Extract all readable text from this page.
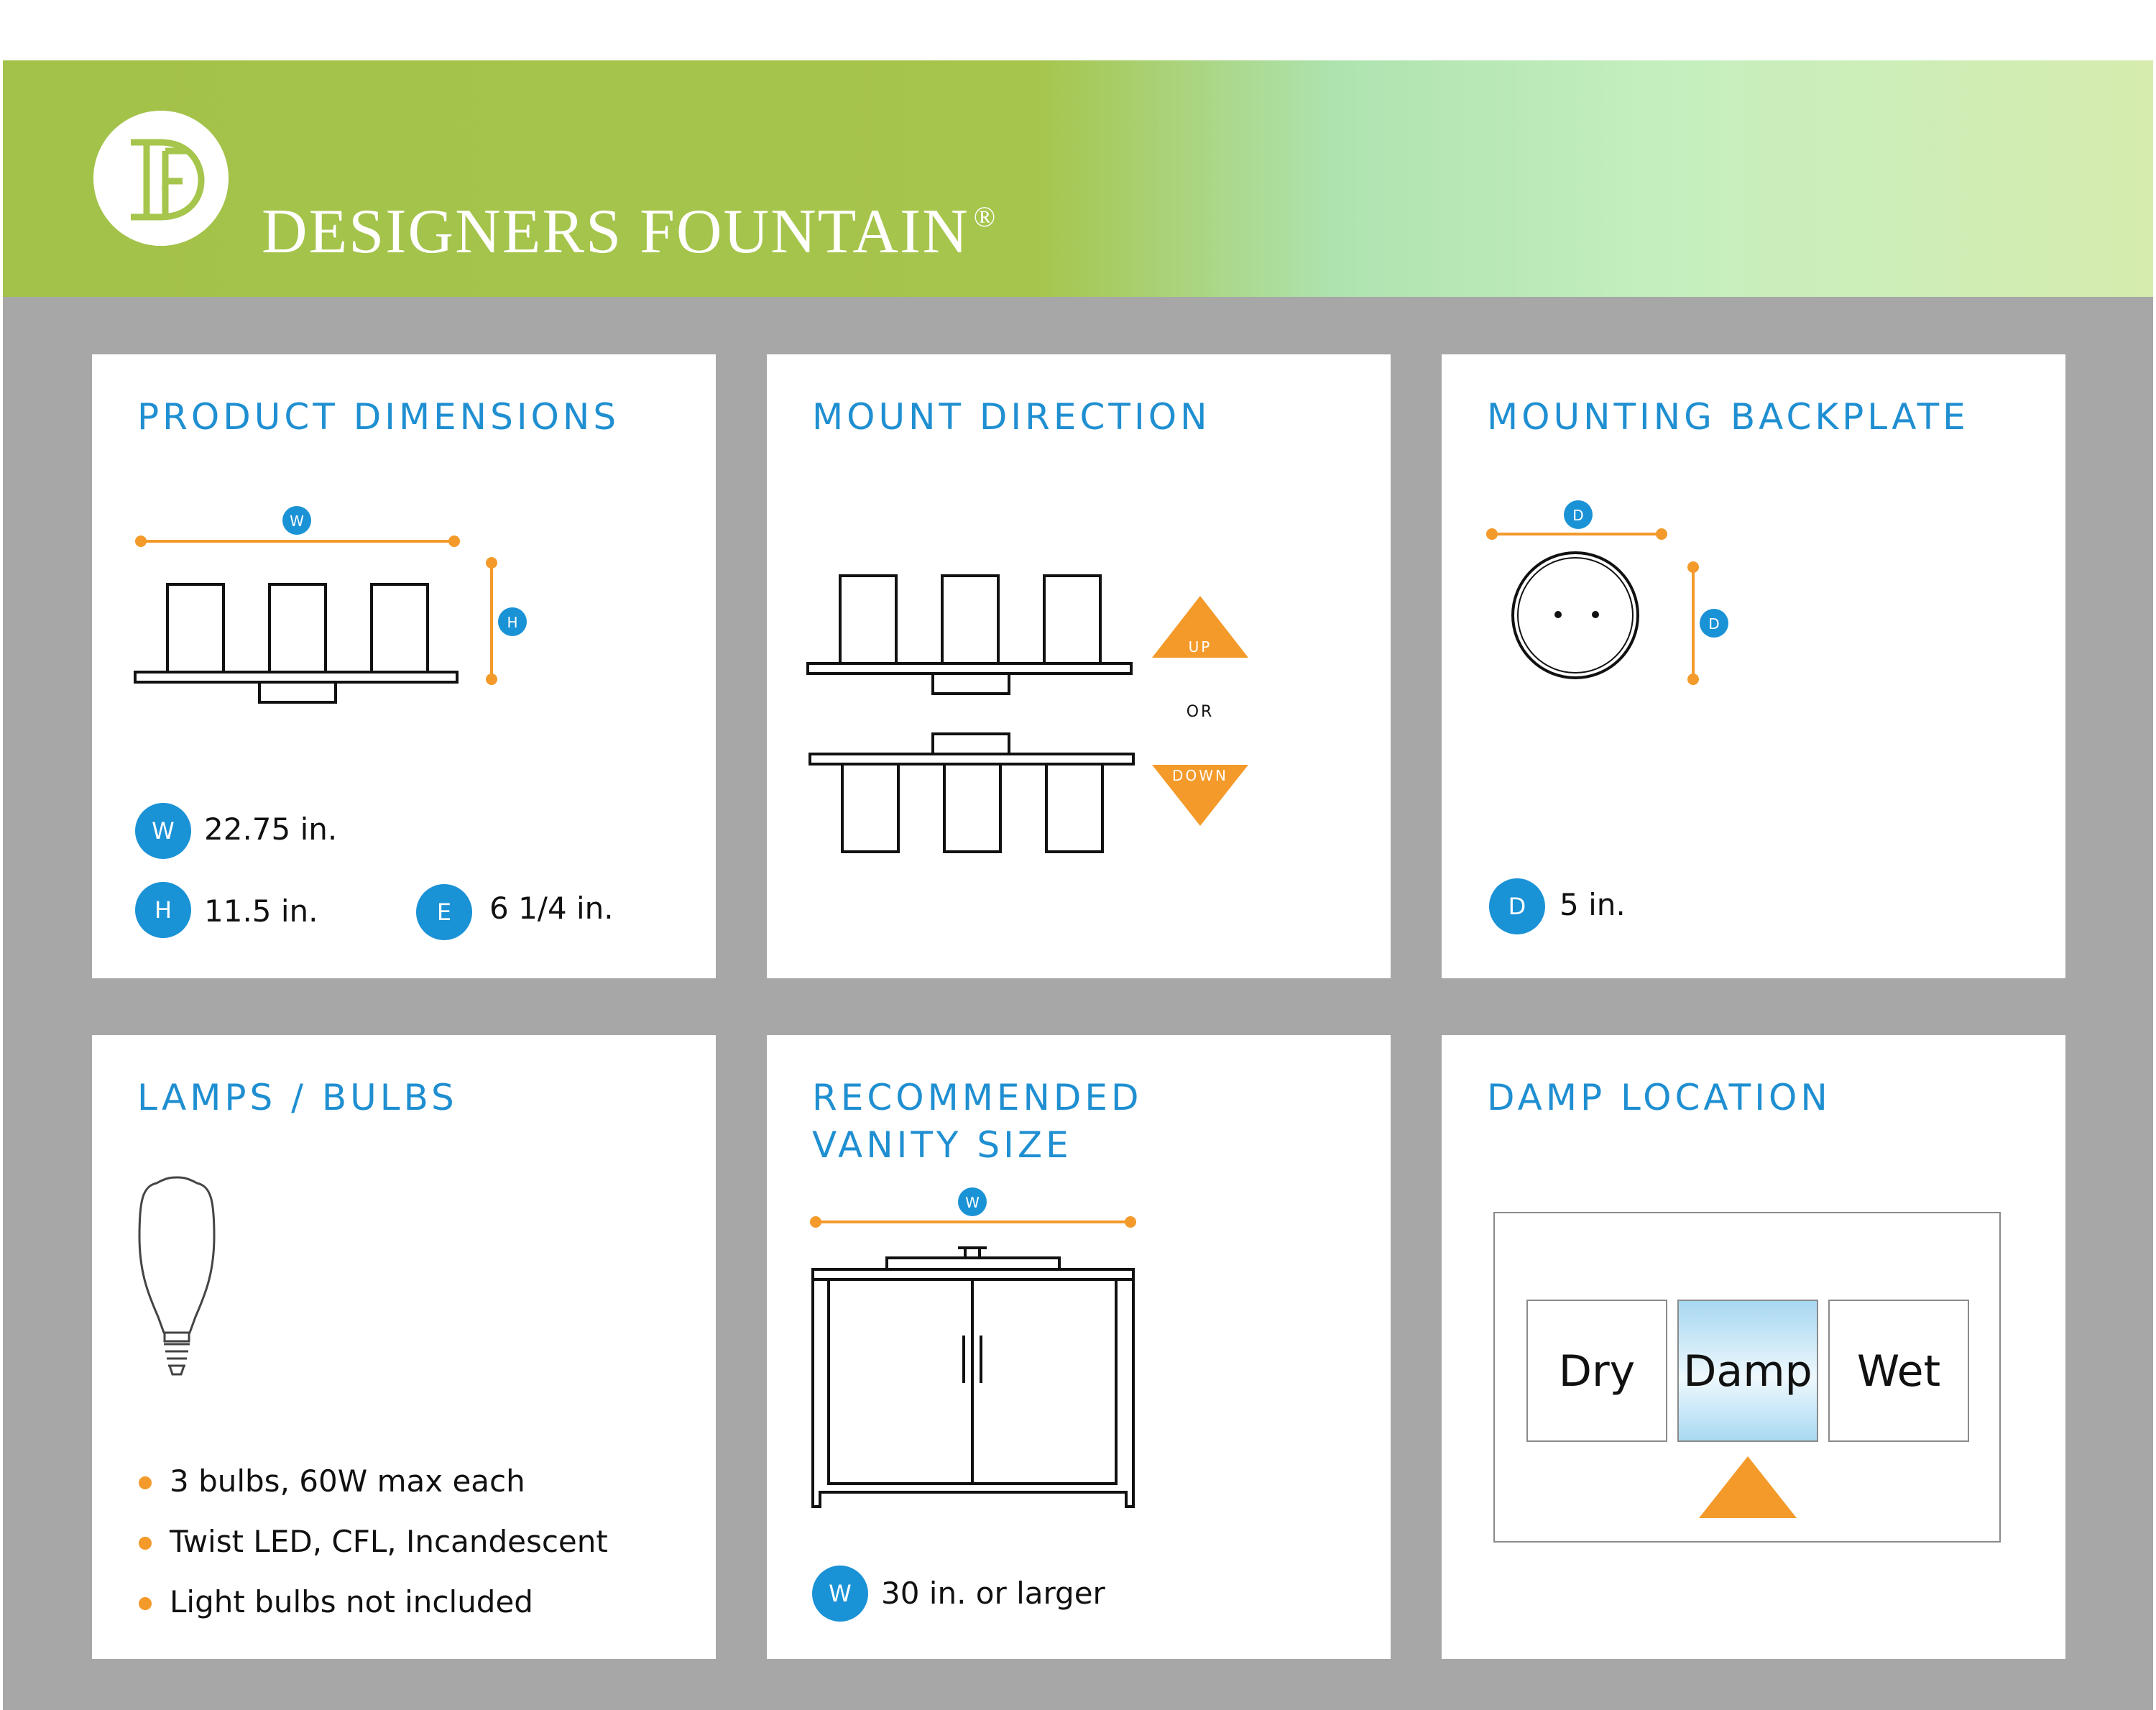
DF
DESIGNERS FOUNTAIN ®
PRODUCT DIMENSIONS
W
H
W 22.75 in.
H	11.5 in.	E	6 1/4 in.
MOUNT DIRECTION
UP
OR
DOWN
MOUNTING BACKPLATE
D
D
D	5 in.
LAMPS / BULBS
3 bulbs, 60W max each
Twist LED, CFL, Incandescent
Light bulbs not included
RECOMMENDED
VANITY SIZE
W
W 30 in. or larger
DAMP LOCATION
Dry	Damp	Wet
